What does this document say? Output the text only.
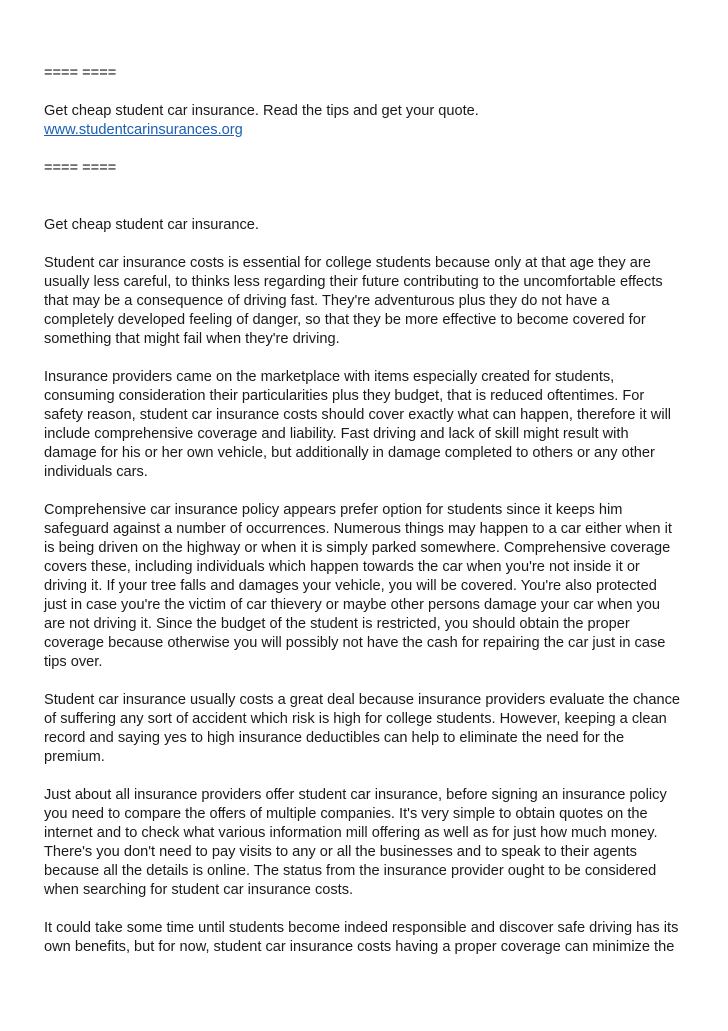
==== ====

Get cheap student car insurance. Read the tips and get your quote.

www.studentcarinsurances.org

==== ====

Get cheap student car insurance.

Student car insurance costs is essential for college students because only at that age they are

usually less careful, to thinks less regarding their future contributing to the uncomfortable effects

that may be a consequence of driving fast. They're adventurous plus they do not have a

completely developed feeling of danger, so that they be more effective to become covered for

something that might fail when they're driving.

Insurance providers came on the marketplace with items especially created for students,

consuming consideration their particularities plus they budget, that is reduced oftentimes. For

safety reason, student car insurance costs should cover exactly what can happen, therefore it will

include comprehensive coverage and liability. Fast driving and lack of skill might result with

damage for his or her own vehicle, but additionally in damage completed to others or any other

individuals cars.

Comprehensive car insurance policy appears prefer option for students since it keeps him

safeguard against a number of occurrences. Numerous things may happen to a car either when it

is being driven on the highway or when it is simply parked somewhere. Comprehensive coverage

covers these, including individuals which happen towards the car when you're not inside it or

driving it. If your tree falls and damages your vehicle, you will be covered. You're also protected

just in case you're the victim of car thievery or maybe other persons damage your car when you

are not driving it. Since the budget of the student is restricted, you should obtain the proper

coverage because otherwise you will possibly not have the cash for repairing the car just in case

tips over.

Student car insurance usually costs a great deal because insurance providers evaluate the chance

of suffering any sort of accident which risk is high for college students. However, keeping a clean

record and saying yes to high insurance deductibles can help to eliminate the need for the

premium.

Just about all insurance providers offer student car insurance, before signing an insurance policy

you need to compare the offers of multiple companies. It's very simple to obtain quotes on the

internet and to check what various information mill offering as well as for just how much money.

There's you don't need to pay visits to any or all the businesses and to speak to their agents

because all the details is online. The status from the insurance provider ought to be considered

when searching for student car insurance costs.

It could take some time until students become indeed responsible and discover safe driving has its

own benefits, but for now, student car insurance costs having a proper coverage can minimize the
